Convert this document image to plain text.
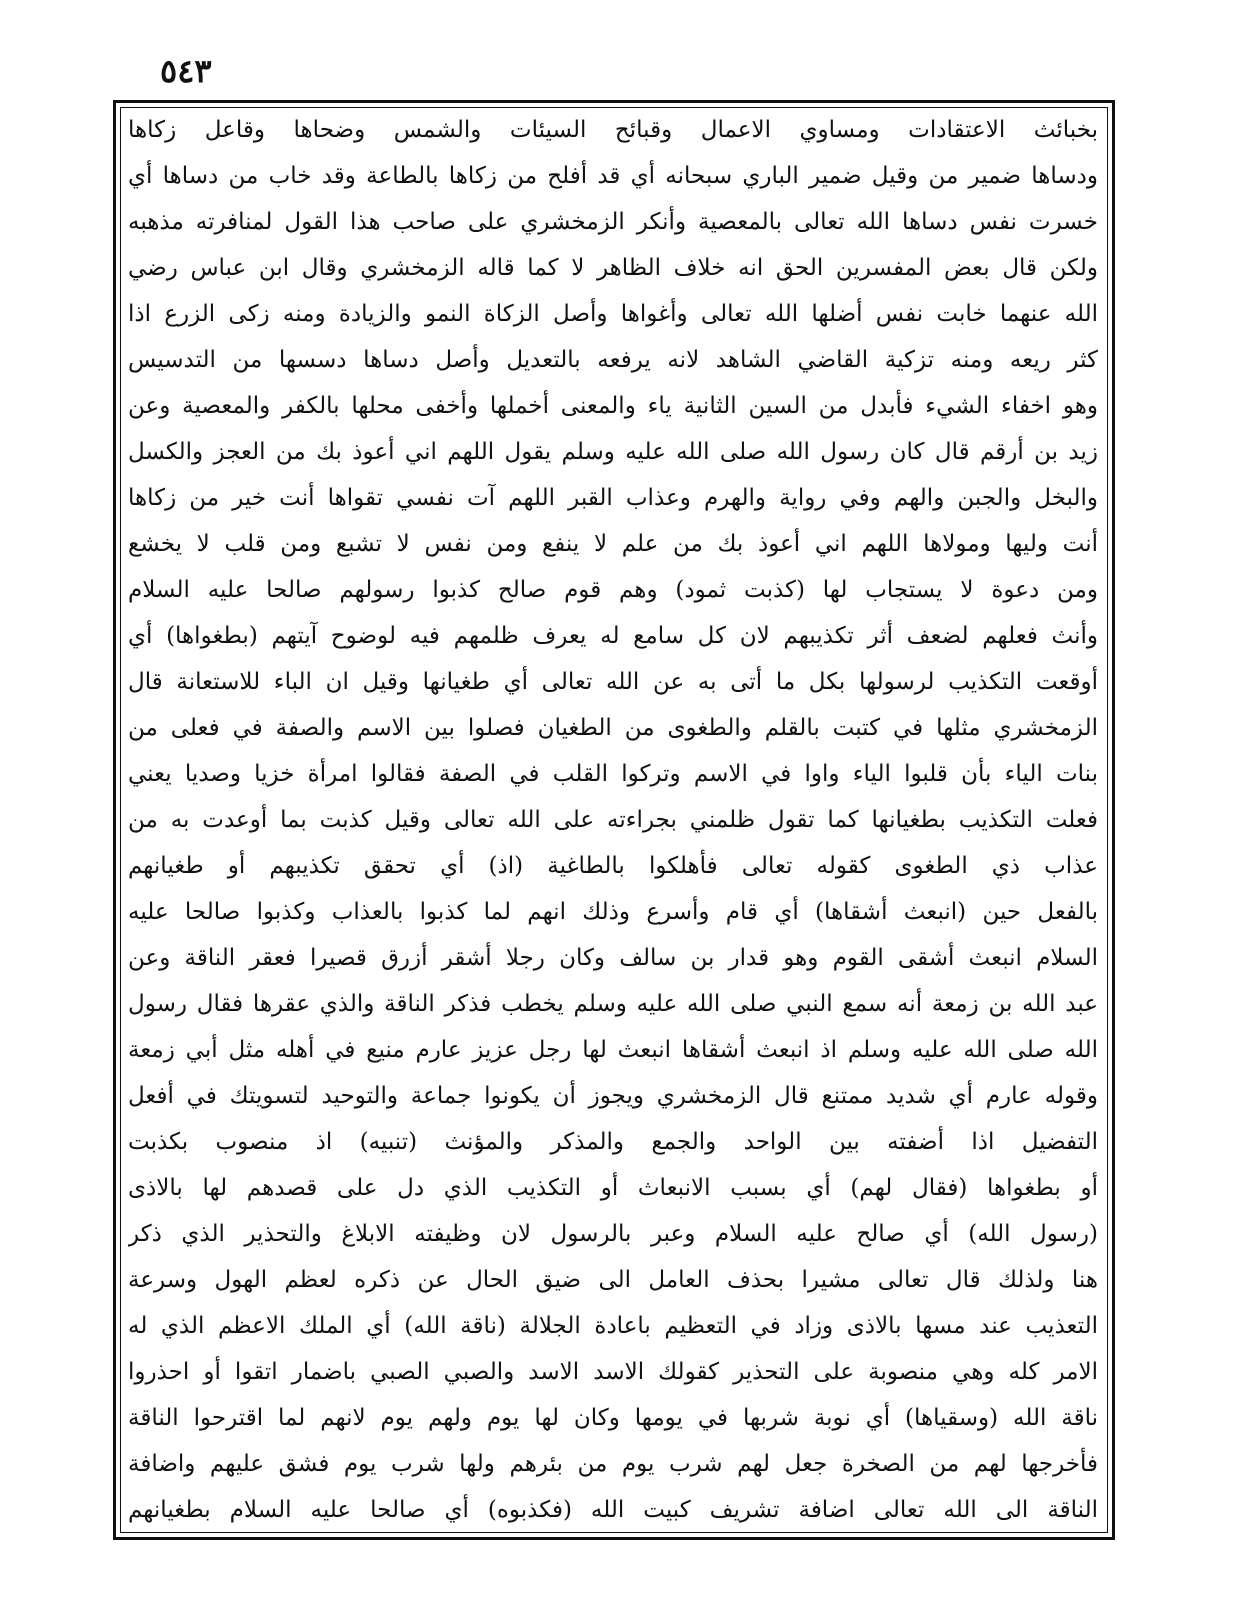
٥٤٣
بخبائث الاعتقادات ومساوي الاعمال وقبائح السيئات والشمس وضحاها وقاعل زكاها
ودساها ضمير من وقيل ضمير الباري سبحانه أي قد أفلح من زكاها بالطاعة وقد خاب من دساها أي
خسرت نفس دساها الله تعالى بالمعصية وأنكر الزمخشري على صاحب هذا القول لمنافرته مذهبه
ولكن قال بعض المفسرين الحق انه خلاف الظاهر لا كما قاله الزمخشري وقال ابن عباس رضي
الله عنهما خابت نفس أضلها الله تعالى وأغواها وأصل الزكاة النمو والزيادة ومنه زكى الزرع اذا
كثر ريعه ومنه تزكية القاضي الشاهد لانه يرفعه بالتعديل وأصل دساها دسسها من التدسيس
وهو اخفاء الشيء فأبدل من السين الثانية ياء والمعنى أخملها وأخفى محلها بالكفر والمعصية وعن
زيد بن أرقم قال كان رسول الله صلى الله عليه وسلم يقول اللهم اني أعوذ بك من العجز والكسل
والبخل والجبن والهم وفي رواية والهرم وعذاب القبر اللهم آت نفسي تقواها أنت خير من زكاها
أنت وليها ومولاها اللهم اني أعوذ بك من علم لا ينفع ومن نفس لا تشبع ومن قلب لا يخشع
ومن دعوة لا يستجاب لها (كذبت ثمود) وهم قوم صالح كذبوا رسولهم صالحا عليه السلام
وأنث فعلهم لضعف أثر تكذيبهم لان كل سامع له يعرف ظلمهم فيه لوضوح آيتهم (بطغواها) أي
أوقعت التكذيب لرسولها بكل ما أتى به عن الله تعالى أي طغيانها وقيل ان الباء للاستعانة قال
الزمخشري مثلها في كتبت بالقلم والطغوى من الطغيان فصلوا بين الاسم والصفة في فعلى من
بنات الياء بأن قلبوا الياء واوا في الاسم وتركوا القلب في الصفة فقالوا امرأة خزيا وصديا يعني
فعلت التكذيب بطغيانها كما تقول ظلمني بجراءته على الله تعالى وقيل كذبت بما أوعدت به من
عذاب ذي الطغوى كقوله تعالى فأهلكوا بالطاغية (اذ) أي تحقق تكذيبهم أو طغيانهم
بالفعل حين (انبعث أشقاها) أي قام وأسرع وذلك انهم لما كذبوا بالعذاب وكذبوا صالحا عليه
السلام انبعث أشقى القوم وهو قدار بن سالف وكان رجلا أشقر أزرق قصيرا فعقر الناقة وعن
عبد الله بن زمعة أنه سمع النبي صلى الله عليه وسلم يخطب فذكر الناقة والذي عقرها فقال رسول
الله صلى الله عليه وسلم اذ انبعث أشقاها انبعث لها رجل عزيز عارم منيع في أهله مثل أبي زمعة
وقوله عارم أي شديد ممتنع قال الزمخشري ويجوز أن يكونوا جماعة والتوحيد لتسويتك في أفعل
التفضيل اذا أضفته بين الواحد والجمع والمذكر والمؤنث (تنبيه) اذ منصوب بكذبت
أو بطغواها (فقال لهم) أي بسبب الانبعاث أو التكذيب الذي دل على قصدهم لها بالاذى
(رسول الله) أي صالح عليه السلام وعبر بالرسول لان وظيفته الابلاغ والتحذير الذي ذكر
هنا ولذلك قال تعالى مشيرا بحذف العامل الى ضيق الحال عن ذكره لعظم الهول وسرعة
التعذيب عند مسها بالاذى وزاد في التعظيم باعادة الجلالة (ناقة الله) أي الملك الاعظم الذي له
الامر كله وهي منصوبة على التحذير كقولك الاسد الاسد والصبي الصبي باضمار اتقوا أو احذروا
ناقة الله (وسقياها) أي نوبة شربها في يومها وكان لها يوم ولهم يوم لانهم لما اقترحوا الناقة
فأخرجها لهم من الصخرة جعل لهم شرب يوم من بئرهم ولها شرب يوم فشق عليهم واضافة
الناقة الى الله تعالى اضافة تشريف كبيت الله (فكذبوه) أي صالحا عليه السلام بطغيانهم
